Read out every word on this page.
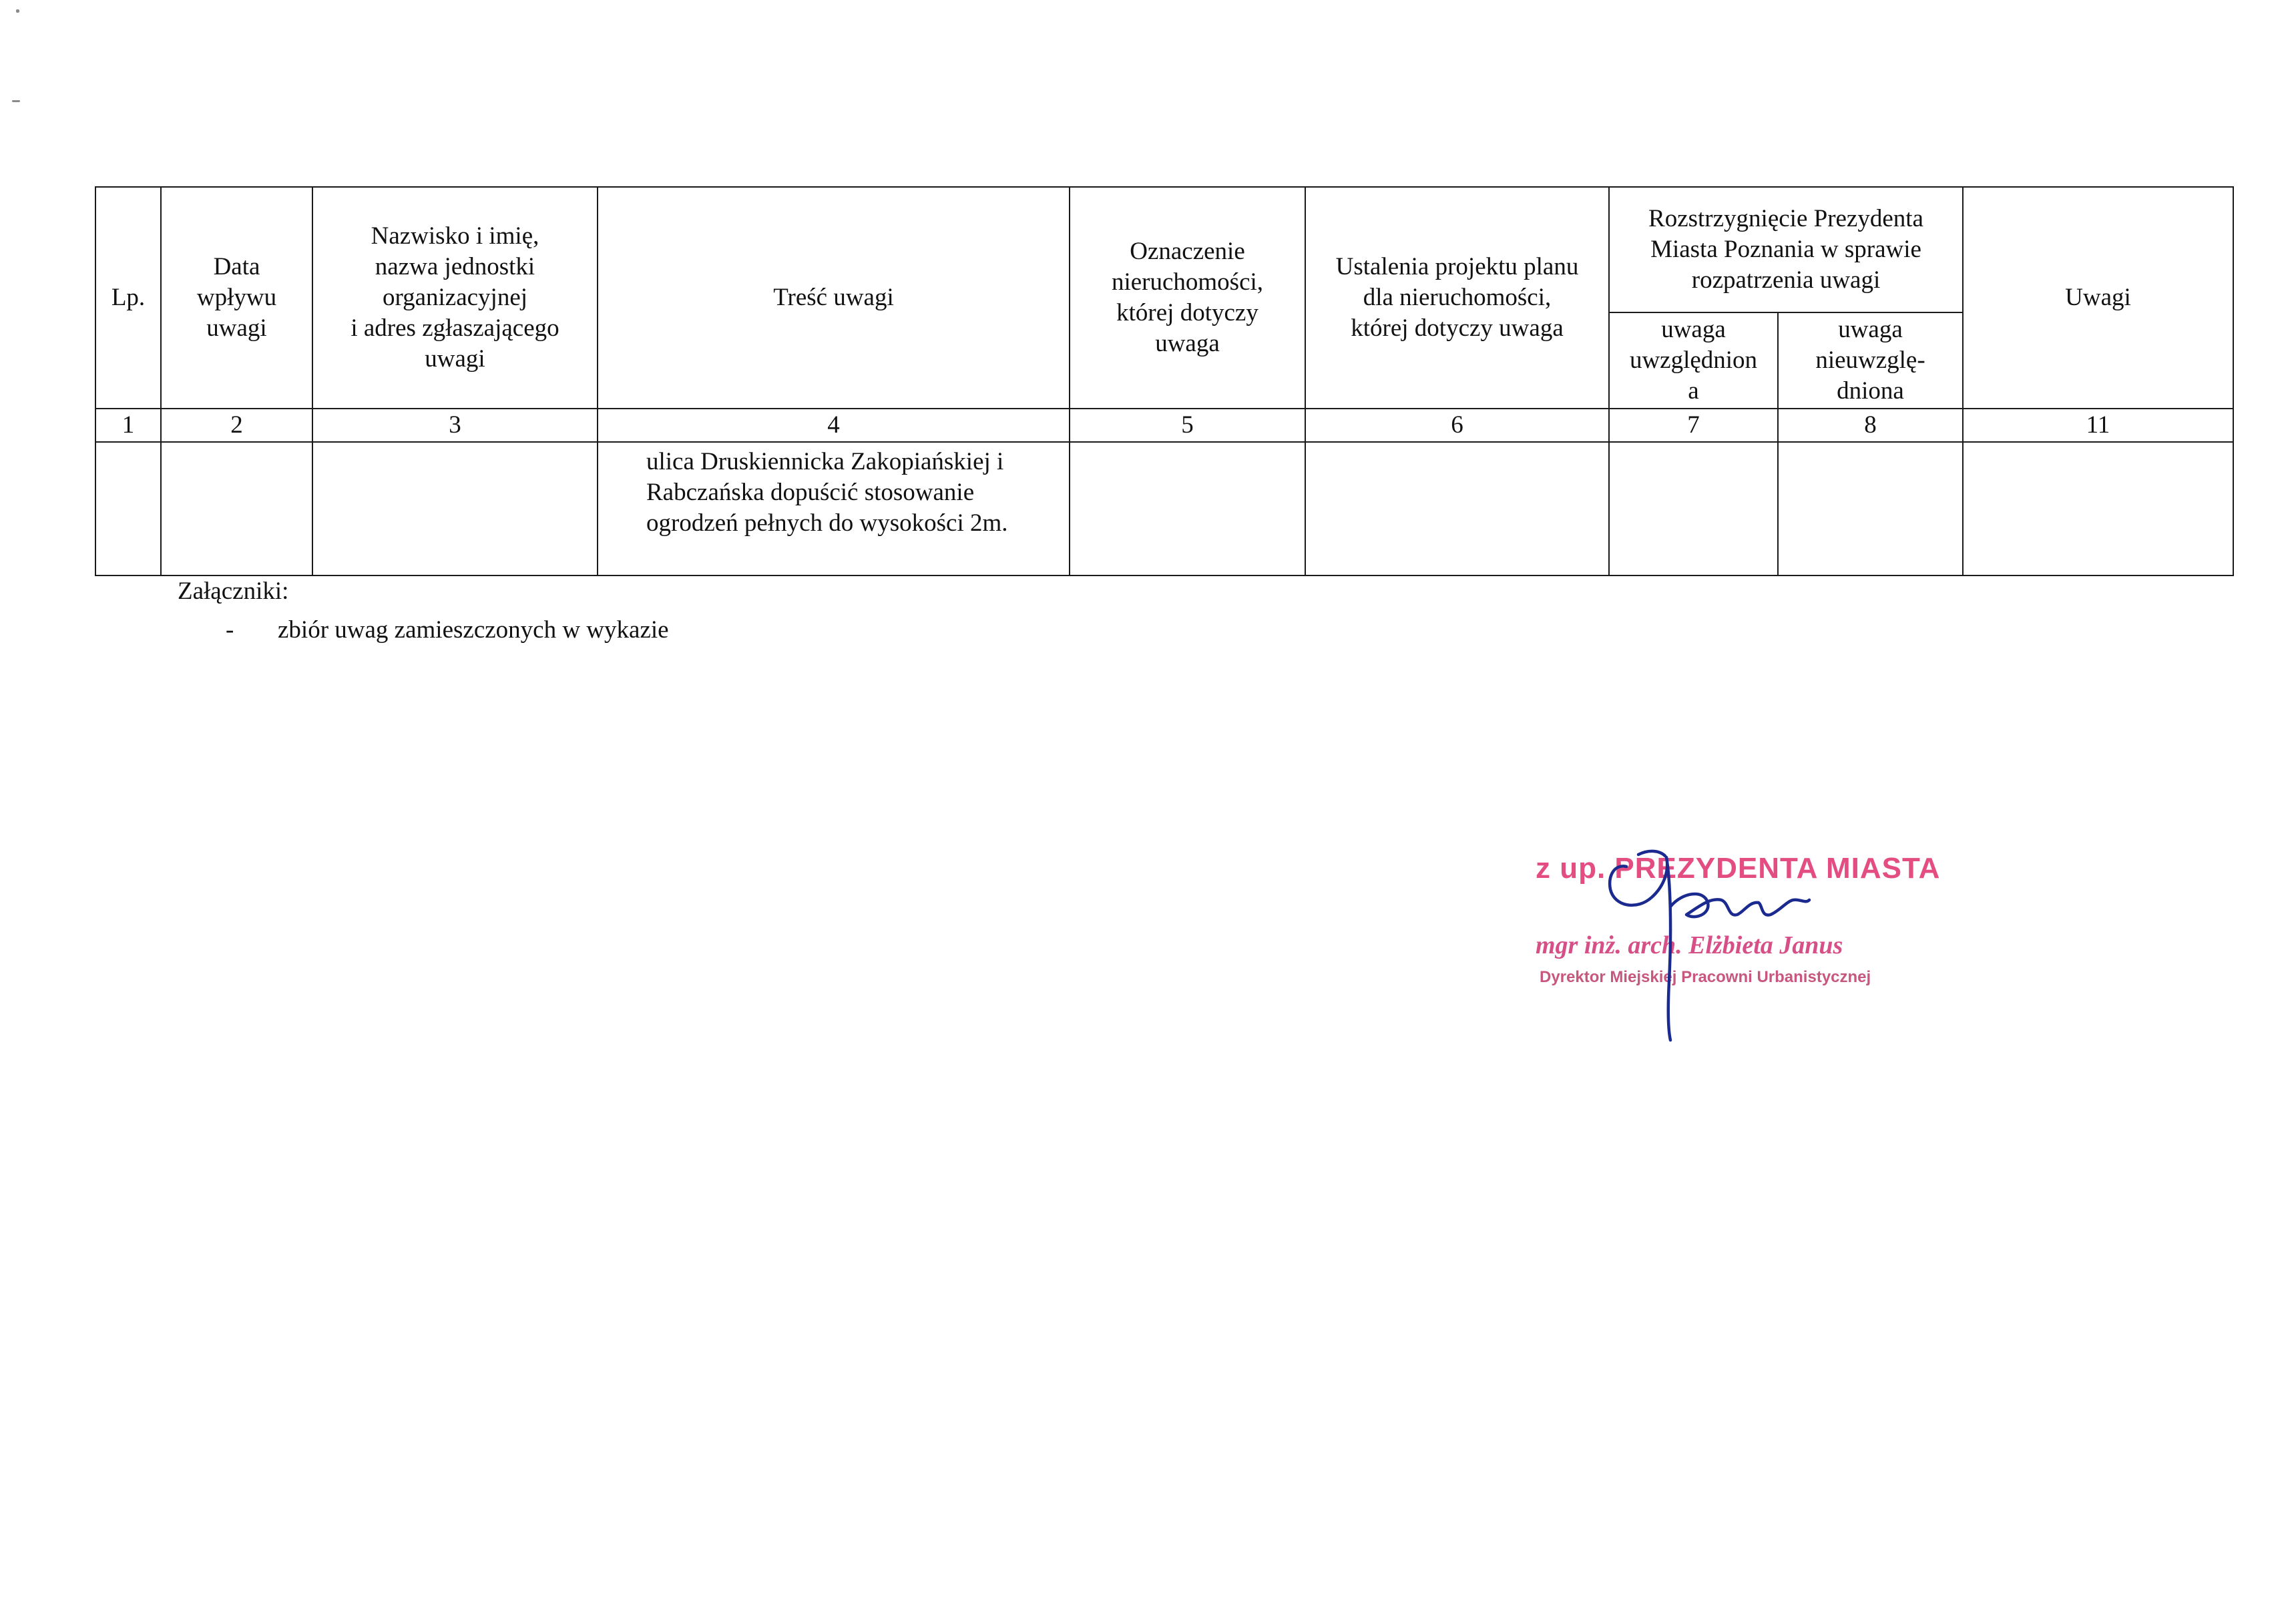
Lp.	Data
wpływu
uwagi	Nazwisko i imię,
nazwa jednostki
organizacyjnej
i adres zgłaszającego
uwagi	Treść uwagi	Oznaczenie
nieruchomości,
której dotyczy
uwaga	Ustalenia projektu planu
dla nieruchomości,
której dotyczy uwaga	Rozstrzygnięcie Prezydenta
Miasta Poznania w sprawie
rozpatrzenia uwagi		Uwagi
						uwaga
uwzględnion
a	uwaga
nieuwzglę-
dniona	
1	2	3	4	5	6	7	8	11
			ulica Druskiennicka Zakopiańskiej i
Rabczańska dopuścić stosowanie
ogrodzeń pełnych do wysokości 2m.					
Załączniki:
-	zbiór uwag zamieszczonych w wykazie
z up. PREZYDENTA MIASTA
mgr inż. arch. Elżbieta Janus
Dyrektor Miejskiej Pracowni Urbanistycznej
